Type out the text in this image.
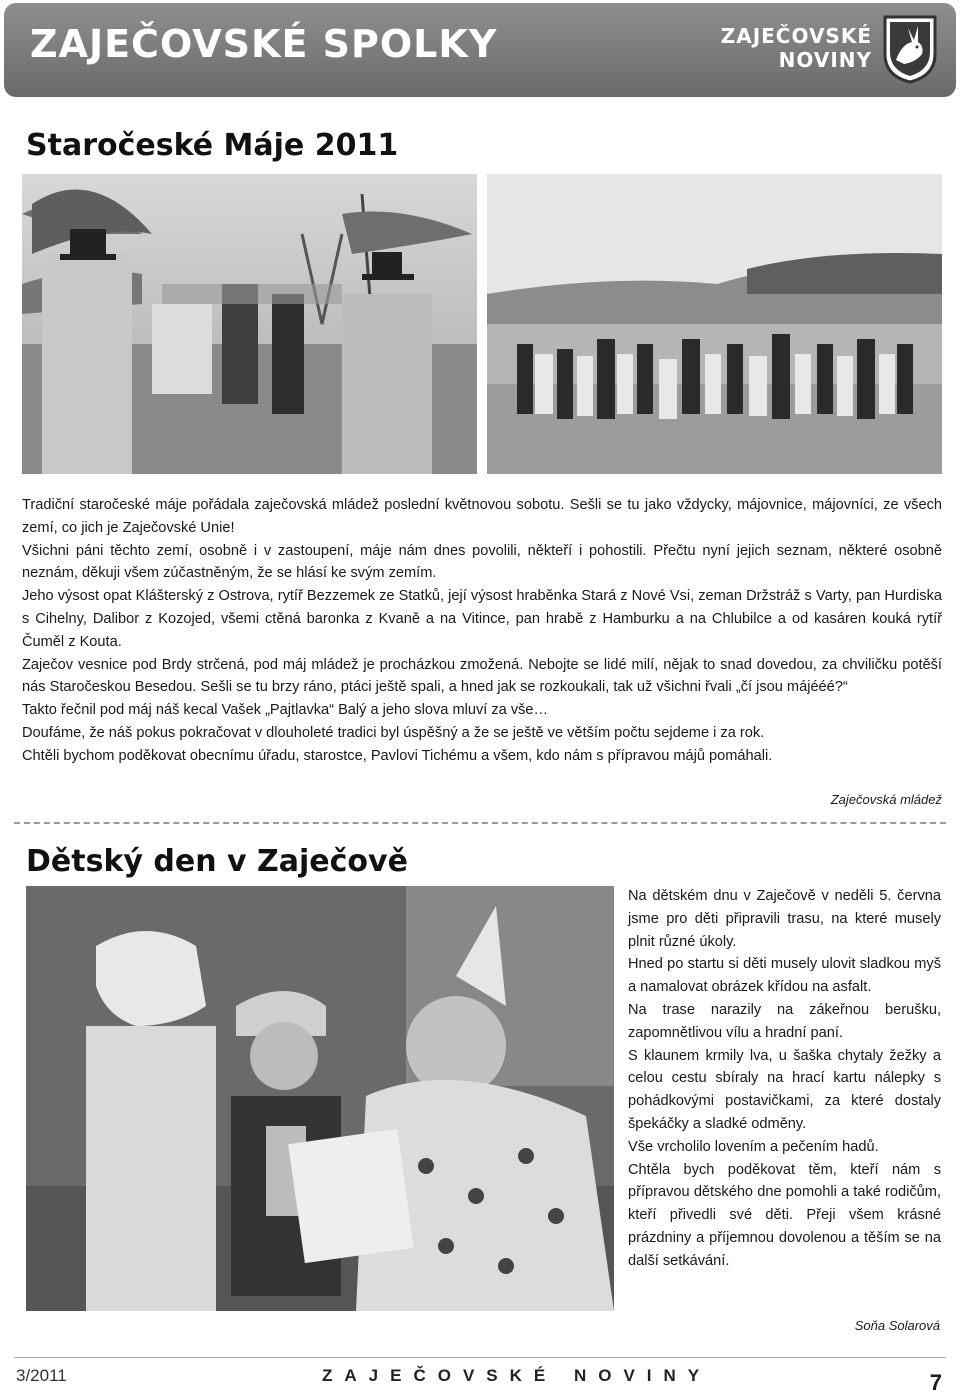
ZAJEČOVSKÉ SPOLKY	ZAJEČOVSKÉ
NOVINY
Staročeské Máje 2011

Tradiční staročeské máje pořádala zaječovská mládež poslední květnovou sobotu. Sešli se tu jako vždycky, májovnice, májovníci, ze všech zemí, co jich je Zaječovské Unie!

Všichni páni těchto zemí, osobně i v zastoupení, máje nám dnes povolili, někteří i pohostili. Přečtu nyní jejich seznam, některé osobně neznám, děkuji všem zúčastněným, že se hlásí ke svým zemím.

Jeho výsost opat Klášterský z Ostrova, rytíř Bezzemek ze Statků, její výsost hraběnka Stará z Nové Vsi, zeman Držstráž s Varty, pan Hurdiska s Cihelny, Dalibor z Kozojed, všemi ctěná baronka z Kvaně a na Vitince, pan hrabě z Hamburku a na Chlubilce a od kasáren kouká rytíř Čuměl z Kouta.

Zaječov vesnice pod Brdy strčená, pod máj mládež je procházkou zmožená. Nebojte se lidé milí, nějak to snad dovedou, za chviličku potěší nás Staročeskou Besedou. Sešli se tu brzy ráno, ptáci ještě spali, a hned jak se rozkoukali, tak už všichni řvali „čí jsou májééé?“

Takto řečnil pod máj náš kecal Vašek „Pajtlavka“ Balý a jeho slova mluví za vše…

Doufáme, že náš pokus pokračovat v dlouholeté tradici byl úspěšný a že se ještě ve větším počtu sejdeme i za rok.

Chtěli bychom poděkovat obecnímu úřadu, starostce, Pavlovi Tichému a všem, kdo nám s přípravou májů pomáhali.

Zaječovská mládež
Dětský den v Zaječově

Na dětském dnu v Zaječově v neděli 5. června jsme pro děti připravili trasu, na které musely plnit různé úkoly.

Hned po startu si děti musely ulovit sladkou myš a namalovat obrázek křídou na asfalt.

Na trase narazily na zákeřnou berušku, zapomnětlivou vílu a hradní paní.

S klaunem krmily lva, u šaška chytaly žežky a celou cestu sbíraly na hrací kartu nálepky s pohádkovými postavičkami, za které dostaly špekáčky a sladké odměny.

Vše vrcholilo lovením a pečením hadů.

Chtěla bych poděkovat těm, kteří nám s přípravou dětského dne pomohli a také rodičům, kteří přivedli své děti. Přeji všem krásné prázdniny a příjemnou dovolenou a těším se na další setkávání.

Soňa Solarová
3/2011	ZAJEČOVSKÉ NOVINY	7
